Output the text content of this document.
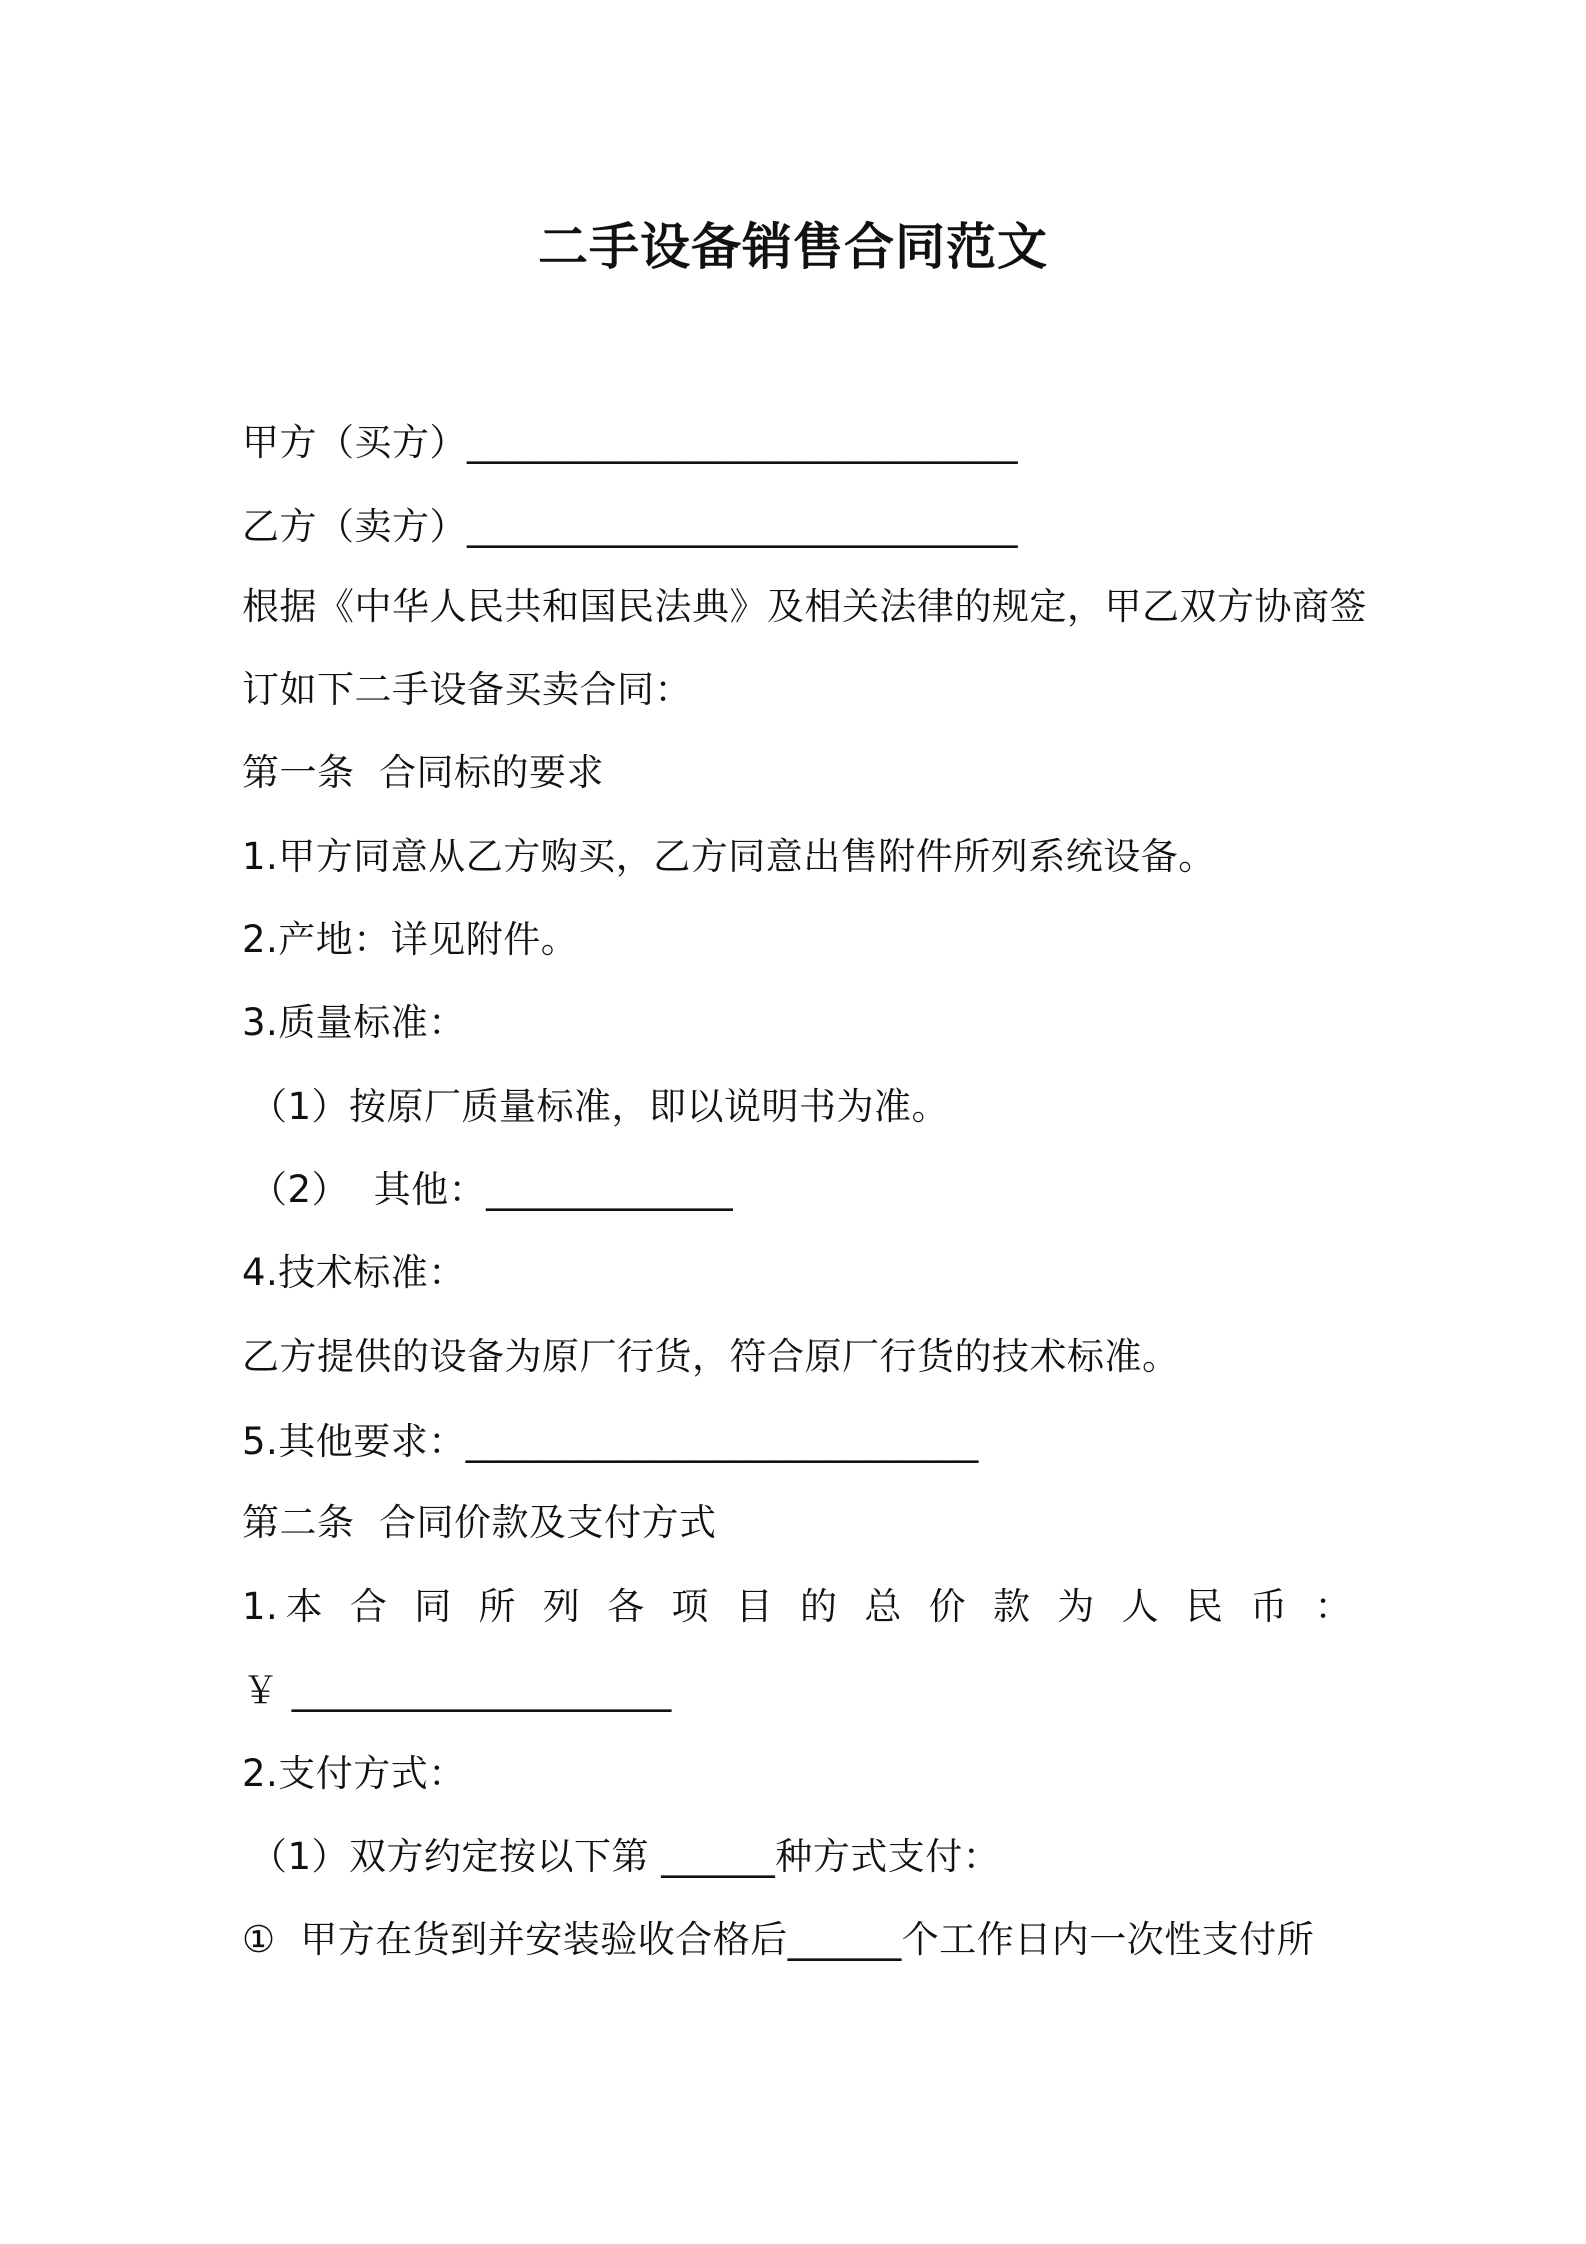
二手设备销售合同范文
甲方（买方）_____________________________
乙方（卖方）_____________________________
根据《中华人民共和国民法典》及相关法律的规定，甲乙双方协商签
订如下二手设备买卖合同：
第一条  合同标的要求
1.甲方同意从乙方购买，乙方同意出售附件所列系统设备。
2.产地：详见附件。
3.质量标准：
（1）按原厂质量标准，即以说明书为准。
（2）  其他：_____________
4.技术标准：
乙方提供的设备为原厂行货，符合原厂行货的技术标准。
5.其他要求：___________________________
第二条  合同价款及支付方式
1.本 合 同 所 列 各 项 目 的 总 价 款 为 人 民 币 ：
￥ ____________________
2.支付方式：
（1）双方约定按以下第 ______种方式支付：
①  甲方在货到并安装验收合格后______个工作日内一次性支付所
